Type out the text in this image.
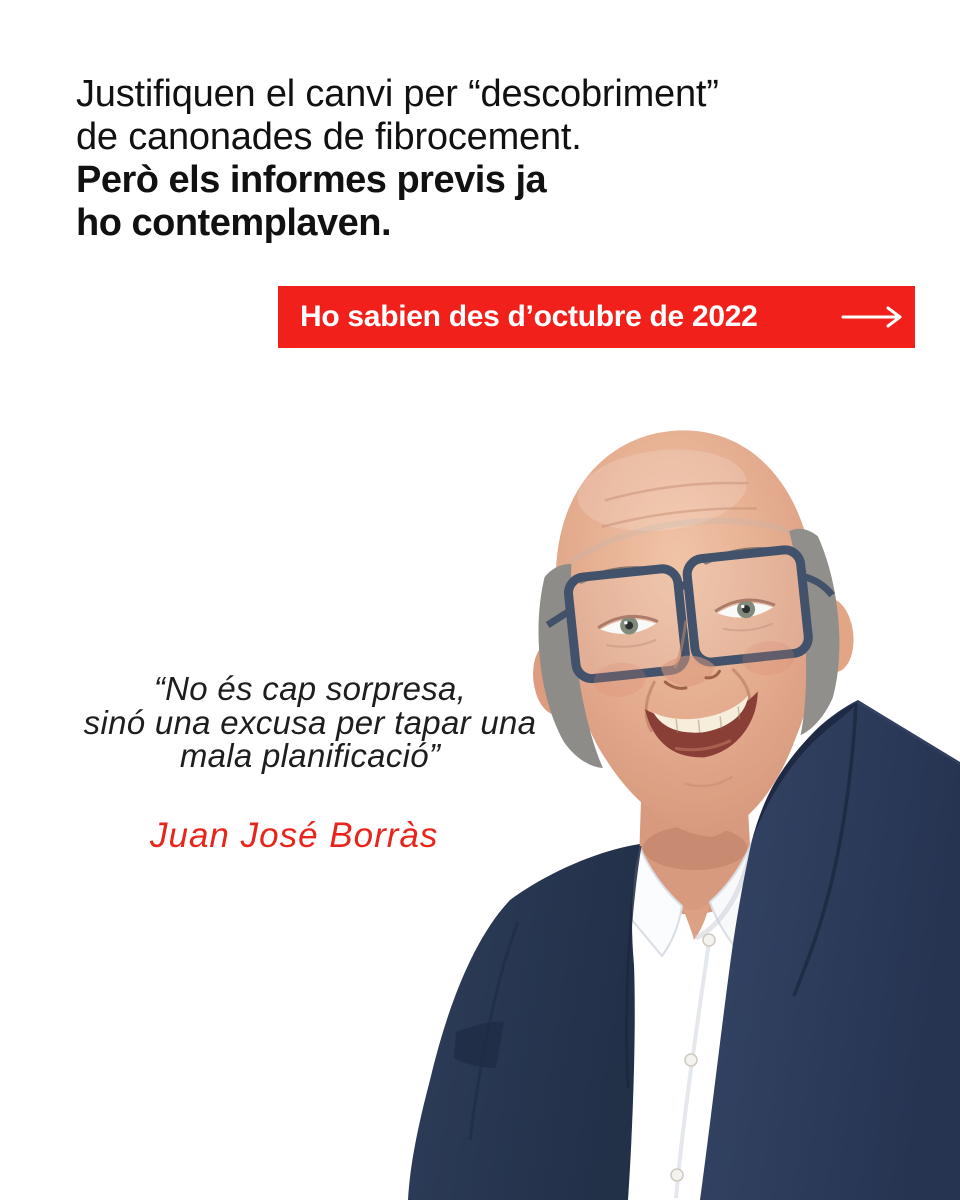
Justifiquen el canvi per “descobriment”
de canonades de fibrocement.
Però els informes previs ja
ho contemplaven.
Ho sabien des d’octubre de 2022
“No és cap sorpresa,
sinó una excusa per tapar una
mala planificació”
Juan José Borràs
